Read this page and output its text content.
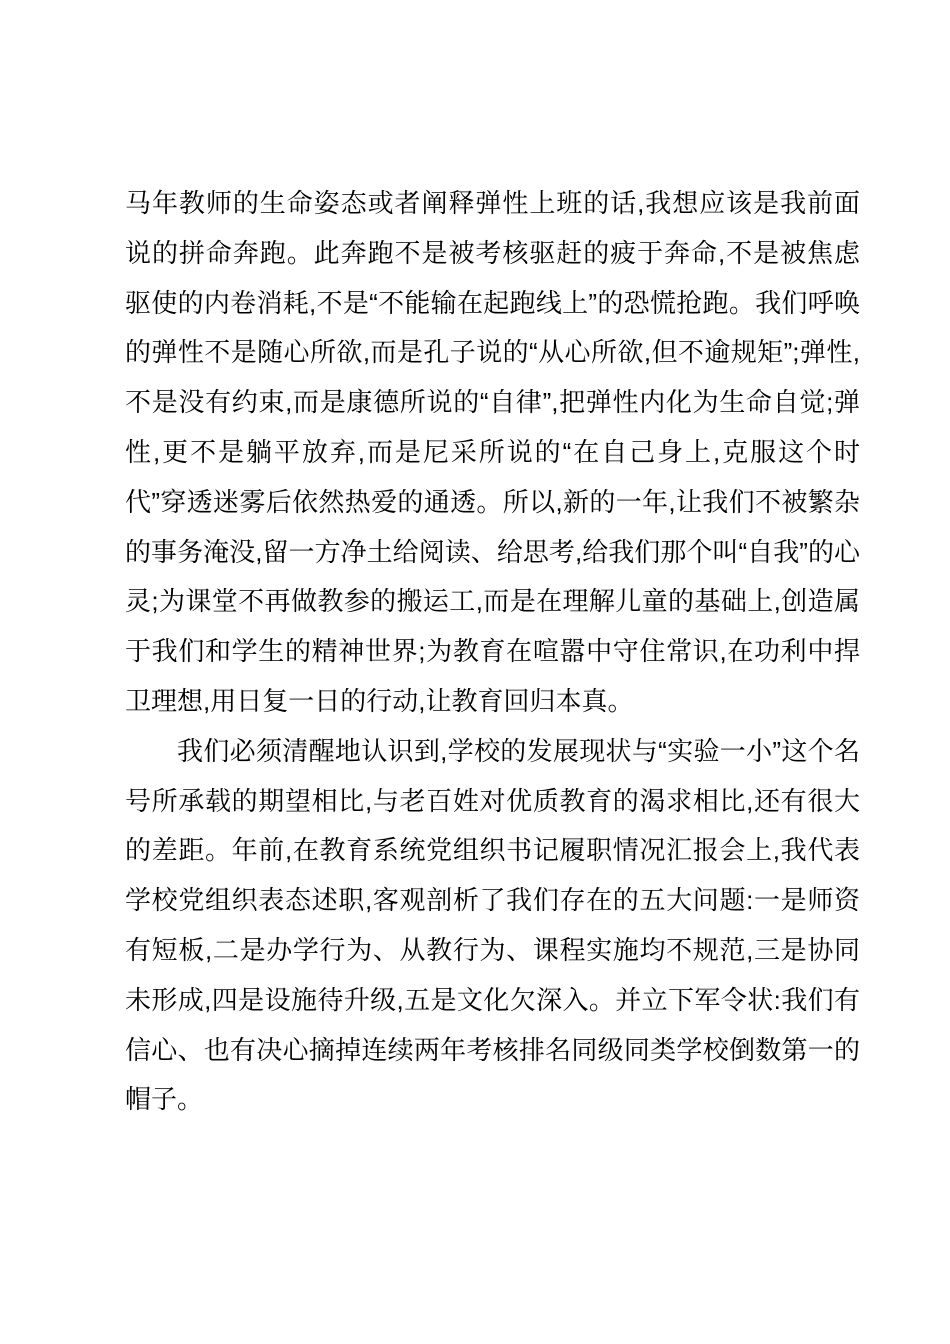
马年教师的生命姿态或者阐释弹性上班的话,我想应该是我前面说的拼命奔跑。此奔跑不是被考核驱赶的疲于奔命,不是被焦虑驱使的内卷消耗,不是“不能输在起跑线上”的恐慌抢跑。我们呼唤的弹性不是随心所欲,而是孔子说的“从心所欲,但不逾规矩”;弹性,不是没有约束,而是康德所说的“自律”,把弹性内化为生命自觉;弹性,更不是躺平放弃,而是尼采所说的“在自己身上,克服这个时代”穿透迷雾后依然热爱的通透。所以,新的一年,让我们不被繁杂的事务淹没,留一方净土给阅读、给思考,给我们那个叫“自我”的心灵;为课堂不再做教参的搬运工,而是在理解儿童的基础上,创造属于我们和学生的精神世界;为教育在喧嚣中守住常识,在功利中捍卫理想,用日复一日的行动,让教育回归本真。

我们必须清醒地认识到,学校的发展现状与“实验一小”这个名号所承载的期望相比,与老百姓对优质教育的渴求相比,还有很大的差距。年前,在教育系统党组织书记履职情况汇报会上,我代表学校党组织表态述职,客观剖析了我们存在的五大问题:一是师资有短板,二是办学行为、从教行为、课程实施均不规范,三是协同未形成,四是设施待升级,五是文化欠深入。并立下军令状:我们有信心、也有决心摘掉连续两年考核排名同级同类学校倒数第一的帽子。
